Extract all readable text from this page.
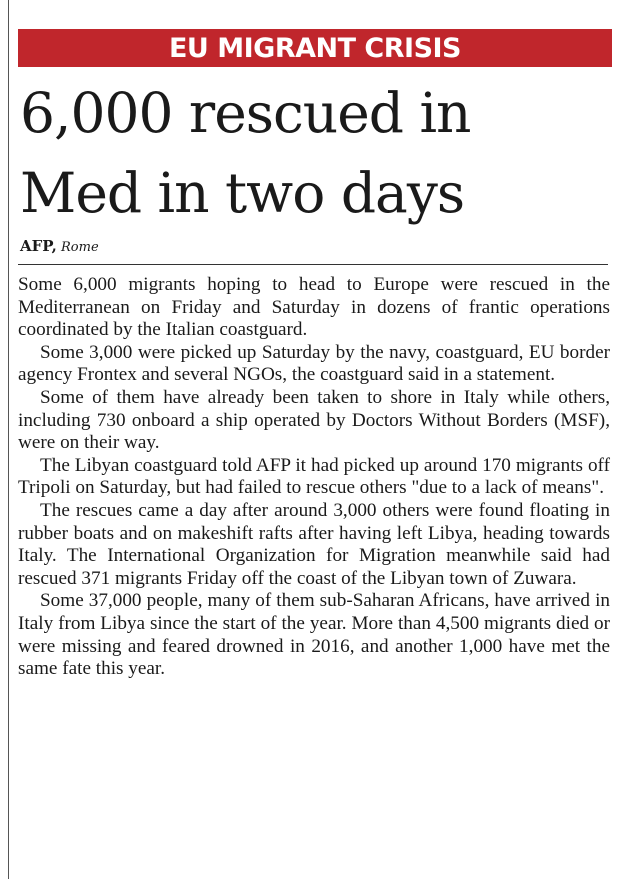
EU MIGRANT CRISIS
6,000 rescued in
Med in two days
AFP, Rome

Some 6,000 migrants hoping to head to Europe were rescued in the Mediterranean on Friday and Saturday in dozens of frantic operations coordinated by the Italian coastguard.

Some 3,000 were picked up Saturday by the navy, coastguard, EU border agency Frontex and several NGOs, the coastguard said in a statement.

Some of them have already been taken to shore in Italy while others, including 730 onboard a ship operated by Doctors Without Borders (MSF), were on their way.

The Libyan coastguard told AFP it had picked up around 170 migrants off Tripoli on Saturday, but had failed to rescue others "due to a lack of means".

The rescues came a day after around 3,000 others were found floating in rubber boats and on makeshift rafts after having left Libya, heading towards Italy. The International Organization for Migration meanwhile said had rescued 371 migrants Friday off the coast of the Libyan town of Zuwara.

Some 37,000 people, many of them sub-Saharan Africans, have arrived in Italy from Libya since the start of the year. More than 4,500 migrants died or were missing and feared drowned in 2016, and another 1,000 have met the same fate this year.
